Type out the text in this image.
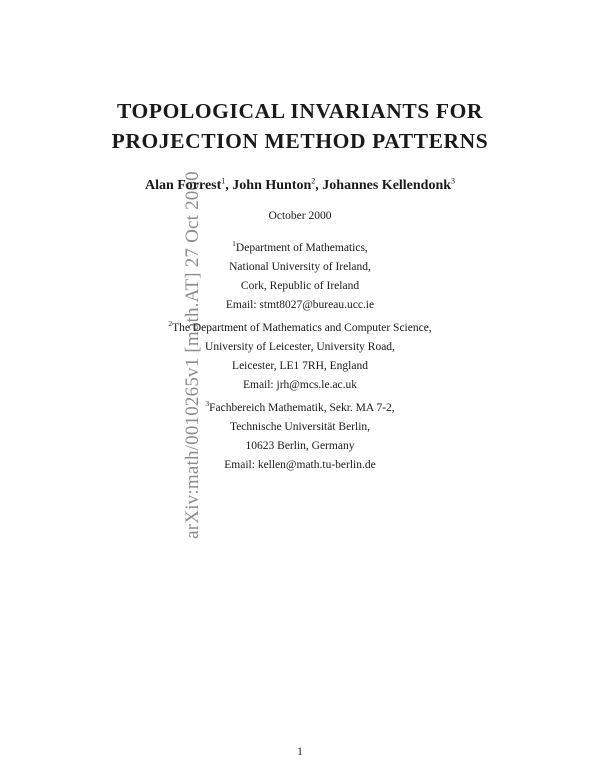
arXiv:math/0010265v1 [math.AT] 27 Oct 2000
TOPOLOGICAL INVARIANTS FOR
PROJECTION METHOD PATTERNS
Alan Forrest$^1$, John Hunton$^2$, Johannes Kellendonk$^3$
October 2000
$^1$Department of Mathematics,
National University of Ireland,
Cork, Republic of Ireland
Email: stmt8027@bureau.ucc.ie
$^2$The Department of Mathematics and Computer Science,
University of Leicester, University Road,
Leicester, LE1 7RH, England
Email: jrh@mcs.le.ac.uk
$^3$Fachbereich Mathematik, Sekr. MA 7-2,
Technische Universität Berlin,
10623 Berlin, Germany
Email: kellen@math.tu-berlin.de
1
